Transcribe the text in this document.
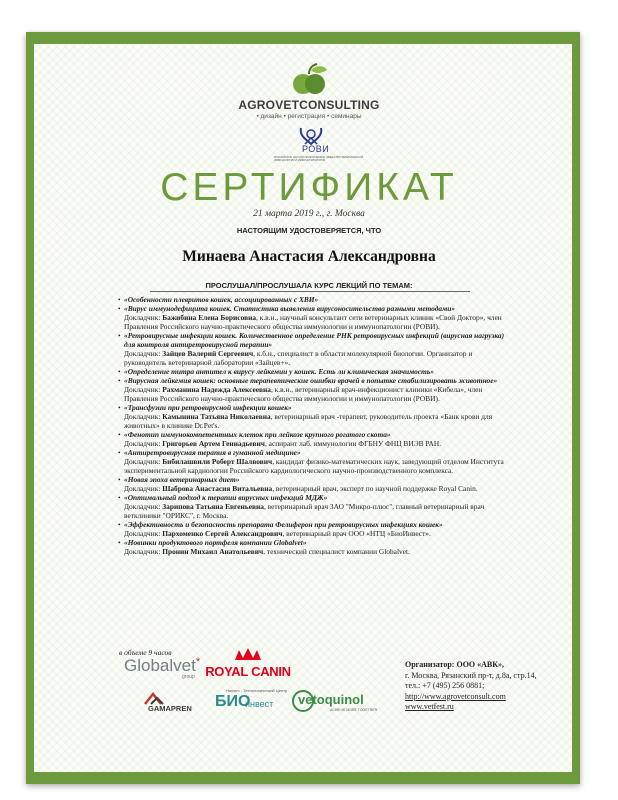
AGROVETCONSULTING
• дизайн • регистрация • семинары
РОВИ
РОССИЙСКОЕ НАУЧНО-ПРАКТИЧЕСКОЕ ОБЩЕСТВО ВЕТЕРИНАРНОЙ ИММУНОЛОГИИ И ИММУНОПАТОЛОГИИ
СЕРТИФИКАТ
21 марта 2019 г., г. Москва
НАСТОЯЩИМ УДОСТОВЕРЯЕТСЯ, ЧТО
Минаева Анастасия Александровна
ПРОСЛУШАЛ/ПРОСЛУШАЛА КУРС ЛЕКЦИЙ ПО ТЕМАМ:
• «Особенности плевритов кошек, ассоциированных с ХВИ»
• «Вирус иммунодефицита кошек. Статистика выявления вирусоносительства разными методами»
Докладчик: Бажибина Елена Борисовна, к.в.н., научный консультант сети ветеринарных клиник «Свой Доктор», член Правления Российского научно-практического общества иммунологии и иммунопатологии (РОВИ).
• «Ретровирусные инфекции кошек. Количественное определение РНК ретровирусных инфекций (вирусная нагрузка) для контроля антиретровирусной терапии»
Докладчик: Зайцев Валерий Сергеевич, к.б.н., специалист в области молекулярной биологии. Организатор и руководитель ветеринарной лаборатории «Зайцев+».
• «Определение титра антител к вирусу лейкемии у кошек. Есть ли клиническая значимость»
• «Вирусная лейкемия кошек: основные терапевтические ошибки врачей в попытке стабилизировать животное»
Докладчик: Рахманина Надежда Алексеевна, к.в.н., ветеринарный врач-инфекционист клиники «Кибела», член Правления Российского научно-практического общества иммунологии и иммунопатологии (РОВИ).
• «Трансфузии при ретровирусной инфекции кошек»
Докладчик: Камынина Татьяна Николаевна, ветеринарный врач -терапевт, руководитель проекта «Банк крови для животных» в клинике Dr.Pet's.
• «Фенотип иммунокомпетентных клеток при лейкозе крупного рогатого скота»
Докладчик: Григорьев Артем Геннадьевич, аспирант лаб. иммунологии ФГБНУ ФНЦ ВИЭВ РАН.
• «Антиретровирусная терапия в гуманной медицине»
Докладчик: Бибилашвили Роберт Шалвович, кандидат физико-математических наук, заведующий отделом Института экспериментальной кардиологии Российского кардиологического научно-производственного комплекса.
• «Новая эпоха ветеринарных диет»
Докладчик: Шаброва Анастасия Витальевна, ветеринарный врач, эксперт по научной поддержке Royal Canin.
• «Оптимальный подход к терапии вирусных инфекций МДЖ»
Докладчик: Зарипова Татьяна Евгеньевна, ветеринарный врач ЗАО "Микро-плюс", главный ветеринарный врач ветклиники "ОРИКС", г. Москва.
• «Эффективность и безопасность препарата Фелиферон при ретровирусных инфекциях кошек»
Докладчик: Пархоменко Сергей Александрович, ветеринарный врач ООО «НТЦ «БиоИнвест».
• «Новинки продуктового портфеля компании Globalvet»
Докладчик: Пронин Михаил Анатольевич, технический специалист компании Globalvet.
в объеме 9 часов
Организатор: ООО «АВК»,
г. Москва, Рязанский пр-т, д.8а, стр.14,
тел.: +7 (495) 256 0881;
http://www.agrovetconsult.com
www.vetfest.ru
Globalvet*
group ROYAL CANIN
GAMAPREN
Научно - Технологический Центр
БИО
инвест vetoquinol
ACHIEVE MORE TOGETHER
